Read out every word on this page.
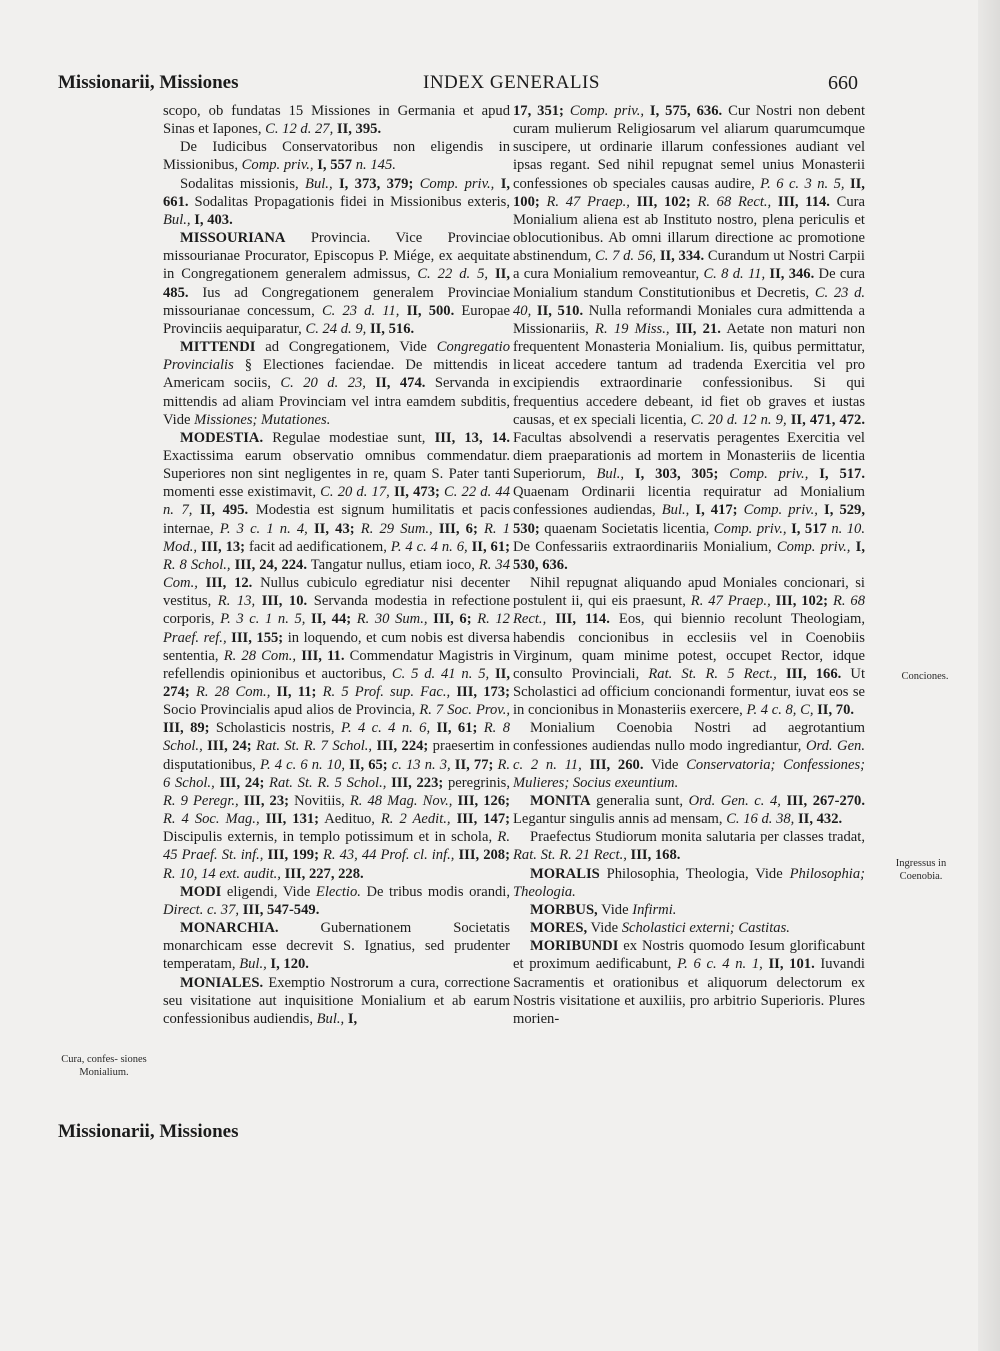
Missionarii, Missiones	INDEX GENERALIS	660

scopo, ob fundatas 15 Missiones in Germania et apud Sinas et Iapones, C. 12 d. 27, II, 395.

De Iudicibus Conservatoribus non eligendis in Missionibus, Comp. priv., I, 557 n. 145.

Sodalitas missionis, Bul., I, 373, 379; Comp. priv., I, 661. Sodalitas Propagationis fidei in Missionibus exteris, Bul., I, 403.

MISSOURIANA Provincia. Vice Provinciae missourianae Procurator, Episcopus P. Miége, ex aequitate in Congregationem generalem admissus, C. 22 d. 5, II, 485. Ius ad Congregationem generalem Provinciae missourianae concessum, C. 23 d. 11, II, 500. Europae Provinciis aequiparatur, C. 24 d. 9, II, 516.

MITTENDI ad Congregationem, Vide Congregatio Provincialis § Electiones faciendae. De mittendis in Americam sociis, C. 20 d. 23, II, 474. Servanda in mittendis ad aliam Provinciam vel intra eamdem subditis, Vide Missiones; Mutationes.

MODESTIA. Regulae modestiae sunt, III, 13, 14. Exactissima earum observatio omnibus commendatur. Superiores non sint negligentes in re, quam S. Pater tanti momenti esse existimavit, C. 20 d. 17, II, 473; C. 22 d. 44 n. 7, II, 495. Modestia est signum humilitatis et pacis internae, P. 3 c. 1 n. 4, II, 43; R. 29 Sum., III, 6; R. 1 Mod., III, 13; facit ad aedificationem, P. 4 c. 4 n. 6, II, 61; R. 8 Schol., III, 24, 224. Tangatur nullus, etiam ioco, R. 34 Com., III, 12. Nullus cubiculo egrediatur nisi decenter vestitus, R. 13, III, 10. Servanda modestia in refectione corporis, P. 3 c. 1 n. 5, II, 44; R. 30 Sum., III, 6; R. 12 Praef. ref., III, 155; in loquendo, et cum nobis est diversa sententia, R. 28 Com., III, 11. Commendatur Magistris in refellendis opinionibus et auctoribus, C. 5 d. 41 n. 5, II, 274; R. 28 Com., II, 11; R. 5 Prof. sup. Fac., III, 173; Socio Provincialis apud alios de Provincia, R. 7 Soc. Prov., III, 89; Scholasticis nostris, P. 4 c. 4 n. 6, II, 61; R. 8 Schol., III, 24; Rat. St. R. 7 Schol., III, 224; praesertim in disputationibus, P. 4 c. 6 n. 10, II, 65; c. 13 n. 3, II, 77; R. 6 Schol., III, 24; Rat. St. R. 5 Schol., III, 223; peregrinis, R. 9 Peregr., III, 23; Novitiis, R. 48 Mag. Nov., III, 126; R. 4 Soc. Mag., III, 131; Aedituo, R. 2 Aedit., III, 147; Discipulis externis, in templo potissimum et in schola, R. 45 Praef. St. inf., III, 199; R. 43, 44 Prof. cl. inf., III, 208; R. 10, 14 ext. audit., III, 227, 228.

MODI eligendi, Vide Electio. De tribus modis orandi, Direct. c. 37, III, 547-549.

MONARCHIA. Gubernationem Societatis monarchicam esse decrevit S. Ignatius, sed prudenter temperatam, Bul., I, 120.

MONIALES. Exemptio Nostrorum a cura, correctione seu visitatione aut inquisitione Monialium et ab earum confessionibus audiendis, Bul., I,

17, 351; Comp. priv., I, 575, 636. Cur Nostri non debent curam mulierum Religiosarum vel aliarum quarumcumque suscipere, ut ordinarie illarum confessiones audiant vel ipsas regant. Sed nihil repugnat semel unius Monasterii confessiones ob speciales causas audire, P. 6 c. 3 n. 5, II, 100; R. 47 Praep., III, 102; R. 68 Rect., III, 114. Cura Monialium aliena est ab Instituto nostro, plena periculis et oblocutionibus. Ab omni illarum directione ac promotione abstinendum, C. 7 d. 56, II, 334. Curandum ut Nostri Carpii a cura Monialium removeantur, C. 8 d. 11, II, 346. De cura Monialium standum Constitutionibus et Decretis, C. 23 d. 40, II, 510. Nulla reformandi Moniales cura admittenda a Missionariis, R. 19 Miss., III, 21. Aetate non maturi non frequentent Monasteria Monialium. Iis, quibus permittatur, liceat accedere tantum ad tradenda Exercitia vel pro excipiendis extraordinarie confessionibus. Si qui frequentius accedere debeant, id fiet ob graves et iustas causas, et ex speciali licentia, C. 20 d. 12 n. 9, II, 471, 472. Facultas absolvendi a reservatis peragentes Exercitia vel diem praeparationis ad mortem in Monasteriis de licentia Superiorum, Bul., I, 303, 305; Comp. priv., I, 517. Quaenam Ordinarii licentia requiratur ad Monialium confessiones audiendas, Bul., I, 417; Comp. priv., I, 529, 530; quaenam Societatis licentia, Comp. priv., I, 517 n. 10. De Confessariis extraordinariis Monialium, Comp. priv., I, 530, 636.

Nihil repugnat aliquando apud Moniales concionari, si postulent ii, qui eis praesunt, R. 47 Praep., III, 102; R. 68 Rect., III, 114. Eos, qui biennio recolunt Theologiam, habendis concionibus in ecclesiis vel in Coenobiis Virginum, quam minime potest, occupet Rector, idque consulto Provinciali, Rat. St. R. 5 Rect., III, 166. Ut Scholastici ad officium concionandi formentur, iuvat eos se in concionibus in Monasteriis exercere, P. 4 c. 8, C, II, 70.

Monialium Coenobia Nostri ad aegrotantium confessiones audiendas nullo modo ingrediantur, Ord. Gen. c. 2 n. 11, III, 260. Vide Conservatoria; Confessiones; Mulieres; Socius exeuntium.

MONITA generalia sunt, Ord. Gen. c. 4, III, 267-270. Legantur singulis annis ad mensam, C. 16 d. 38, II, 432.

Praefectus Studiorum monita salutaria per classes tradat, Rat. St. R. 21 Rect., III, 168.

MORALIS Philosophia, Theologia, Vide Philosophia; Theologia.

MORBUS, Vide Infirmi.

MORES, Vide Scholastici externi; Castitas.

MORIBUNDI ex Nostris quomodo Iesum glorificabunt et proximum aedificabunt, P. 6 c. 4 n. 1, II, 101. Iuvandi Sacramentis et orationibus et aliquorum delectorum ex Nostris visitatione et auxiliis, pro arbitrio Superioris. Plures morien-

Cura, confes- siones Monialium.
Conciones.
Ingressus in Coenobia.
Missionarii, Missiones
